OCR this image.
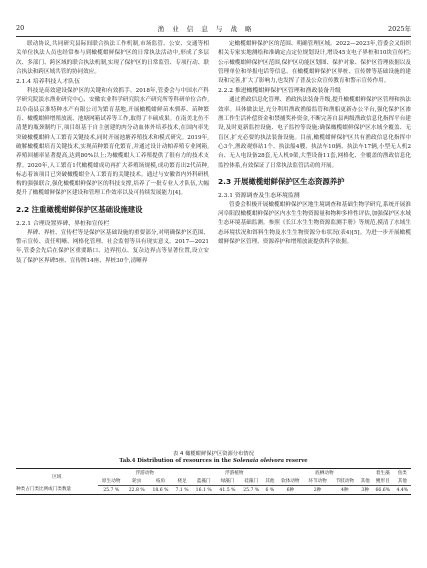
20	渔 业 信 息 与 战 略	2025年

联动协议,共同研究县际间联合执法工作机制,市场监管、公安、交通等相关单位执法人员也经常参与到橄榄蚶鲜保护区的日常执法活动中,形成了多层次、多部门、跨区域的联合执法机制,实现了保护区的日常监管、专项行动、联合执法和跨区域共管的协同效应。

2.1.4 培养科技人才队伍

科技是高效建设保护区的关键和有效抓手。2018年,管委会与中国水产科学研究院淡水渔业研究中心、安徽农业科学研究院水产研究所等科研单位合作,以阜南县京淮特种水产有限公司为繁育基地,开展橄榄蚶鲜苗木驯养、苗种繁育、橄榄蚶鲜增殖放流、池塘网箱试养等工作,取得了丰硕成果。在南美北鱼不清楚的瓶颈制约下,项目组基于自主创建的肉分动血体外培养技术,在国内率先突破橄榄蚶鲜人工繁育关键技术,同时开展池塘养殖技术和模式研究。2019年,破解橄榄蚶培育关键技术,实现苗种繁育化繁育,并通过设计动帕养殖专业网箱,养殖回捕率显著提高,达到80%以上;为橄榄蚶人工养殖提供了很有力的技术支撑。2020年,人工繁育1代橄榄蚶成功再扩大养殖场规模,成功繁育出2代苗种,标志着该项目已突破橄榄蚶全人工繁育的关键技术。通过与安徽省内外科研机构的强强联合,强化橄榄蚶鲜保护区的科技支撑,培养了一批专业人才队伍,大幅提升了橄榄蚶鲜保护区建设和管理工作效率以及可持续发展能力[4]。

2.2 注重橄榄蚶鲜保护区基础设施建设
2.2.1 合理设置界碑、界桩和宣传栏

界碑、界桩、宣传栏等是保护区基础设施的重要部分,对明确保护区范围、警示宣传、责任明晰、网格化管理、社会监督等具有现实意义。2017—2021年,管委会先后在保护区重要路口、边界拐点、复杂边界点等显著位置,设立安装了保护区界碑5座、宣传牌14座、界桩30个,清晰界

定橄榄蚶鲜保护区的范围、明确管理区域。2022—2023年,管委会又组织相关专家实地测绘和准确定点定位规划设计,增设45支电子界桩和10块宣传栏;公示橄榄蚶鲜保护区范围,保护区功能区划图、保护对象、保护区管理依据以及管理单位和举报电话等信息。在橄榄蚶鲜保护区界桩、宣传牌等基础设施的建设和完善,扩大了影响力,也发挥了普及公众宣传教育和警示宣传作用。

2.2.2 推进橄榄蚶鲜保护区管理和渔政装备升级

通过渔政信息化管理、渔政执法装备升级,提升橄榄蚶鲜保护区管理和执法效率。具体做法是,充分利用渔政渔船监管和渔船更新办公平台,强化保护区渗渔工作生活补偿资金和禁捕奖补资金,不断完善自县两级渔政信息化指挥平台建设,及时更新监控设施、电子监控等设施;确保橄榄蚶鲜保护区水域全覆盖、无盲区,扩充必要的执法装备设施。目前,橄榄蚶鲜保护区共有渔政信息化指挥中心3个,渔政观察站1个、执法船4艘、执法车10辆、执法车17辆,小型无人机2台、无人电设备28套,无人机9架,大型设备11套,网格化、全覆盖的渔政信息化监控体系,有效保证了日常执法监管活动的开展。

2.3 开展橄榄蚶鲜保护区生态资源养护
2.3.1 资源调查及生态环境监测

管委会积极开展橄榄蚶鲜保护区地生境调查和基础生物学研究,系统开展淮河阜阳段橄榄蚶鲜保护区内水生生物资源量和物种多样性评估,加强保护区水域生态环境基础监测。参照《长江水生生物资源监测手册》等规范,摸清了水域生态环境状况和饵料生物及水生生物资源分布状况(表4)[5]。为进一步开展橄榄蚶鲜保护区管理、资源养护和增殖放流提供科学依据。

表 4 橄榄蚶鲜保护区资源分布情况
Tab.4 Distribution of resources in the Solenaia oleivora reserve
区域	浮游动物				浮游植物				底栖动物				着生藻	鱼类
	原生动物	轮虫	枝角	桡足	蓝藻门	绿藻门	硅藻门	其他	软体动物	环节动物	节肢动物	其他	鲤形目	其他
种类占门类比例或门类数量	25.7 %	22.8 %	18.6 %	7.1 %	16.1 %	41.5 %	25.7 %	6 %	6种	2种	4种	3种	66.6%	4.4%
